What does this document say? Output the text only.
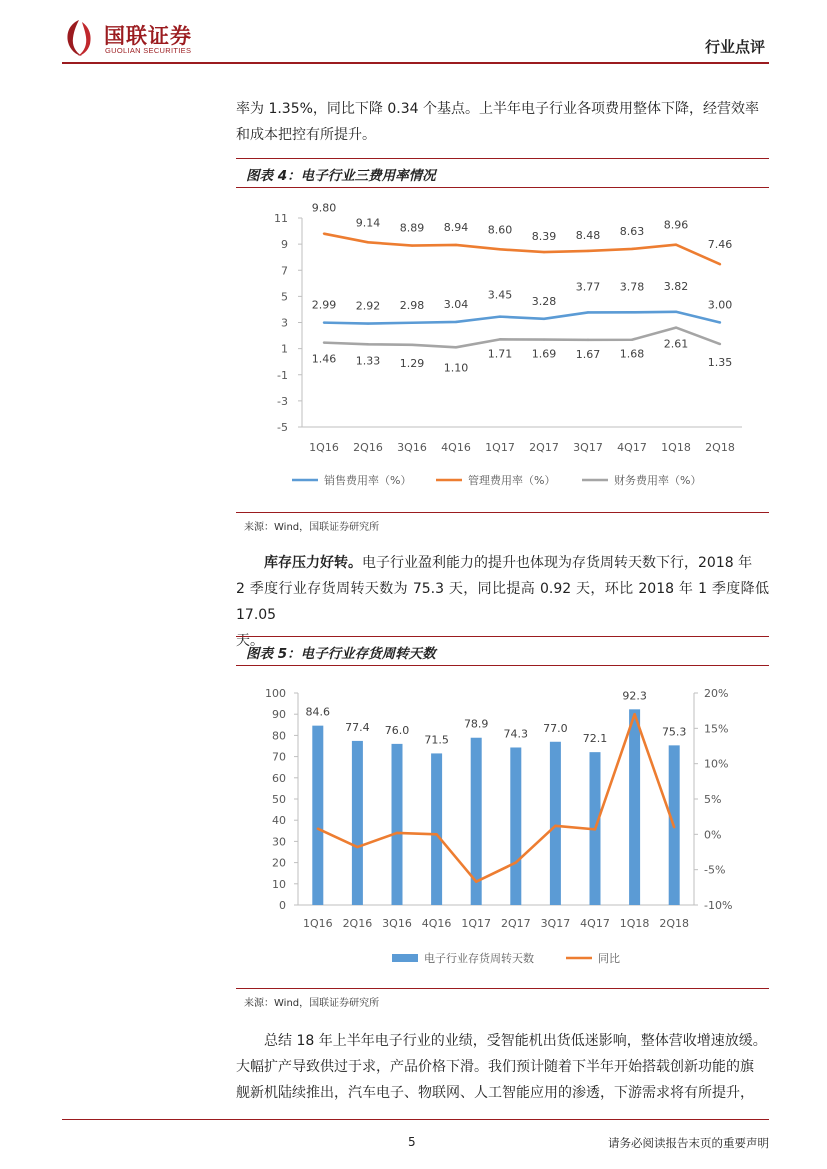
国联证券
GUOLIAN SECURITIES	行业点评

率为 1.35%，同比下降 0.34 个基点。上半年电子行业各项费用整体下降，经营效率
和成本把控有所提升。

图表 4：电子行业三费用率情况
11
9
7
5
3
1
-1
-3
-5
1Q16 2Q16 3Q16 4Q16 1Q17 2Q17 3Q17 4Q17 1Q18 2Q18
2.99 2.92 2.98 3.04
3.45 3.28
3.77 3.78 3.82
3.00
9.80
9.14 8.89 8.94 8.60
8.39 8.48 8.63 8.96
7.46
1.46 1.33 1.29 1.10
1.71 1.69 1.67 1.68
2.61
1.35
销售费用率（%）	管理费用率（%）	财务费用率（%）
来源：Wind，国联证券研究所

库存压力好转。电子行业盈利能力的提升也体现为存货周转天数下行，2018 年
2 季度行业存货周转天数为 75.3 天，同比提高 0.92 天，环比 2018 年 1 季度降低 17.05
天。

图表 5：电子行业存货周转天数
100
90
80
70
60
50
40
30
20
10
0
20%
15%
10%
5%
0%
-5%
-10%
1Q16 2Q16 3Q16 4Q16 1Q17 2Q17 3Q17 4Q17 1Q18 2Q18
84.6
77.4 76.0
71.5
78.9
74.3 77.0
72.1
92.3
75.3
电子行业存货周转天数	同比
来源：Wind，国联证券研究所

总结 18 年上半年电子行业的业绩，受智能机出货低迷影响，整体营收增速放缓。
大幅扩产导致供过于求，产品价格下滑。我们预计随着下半年开始搭载创新功能的旗
舰新机陆续推出，汽车电子、物联网、人工智能应用的渗透，下游需求将有所提升，

5	请务必阅读报告末页的重要声明
